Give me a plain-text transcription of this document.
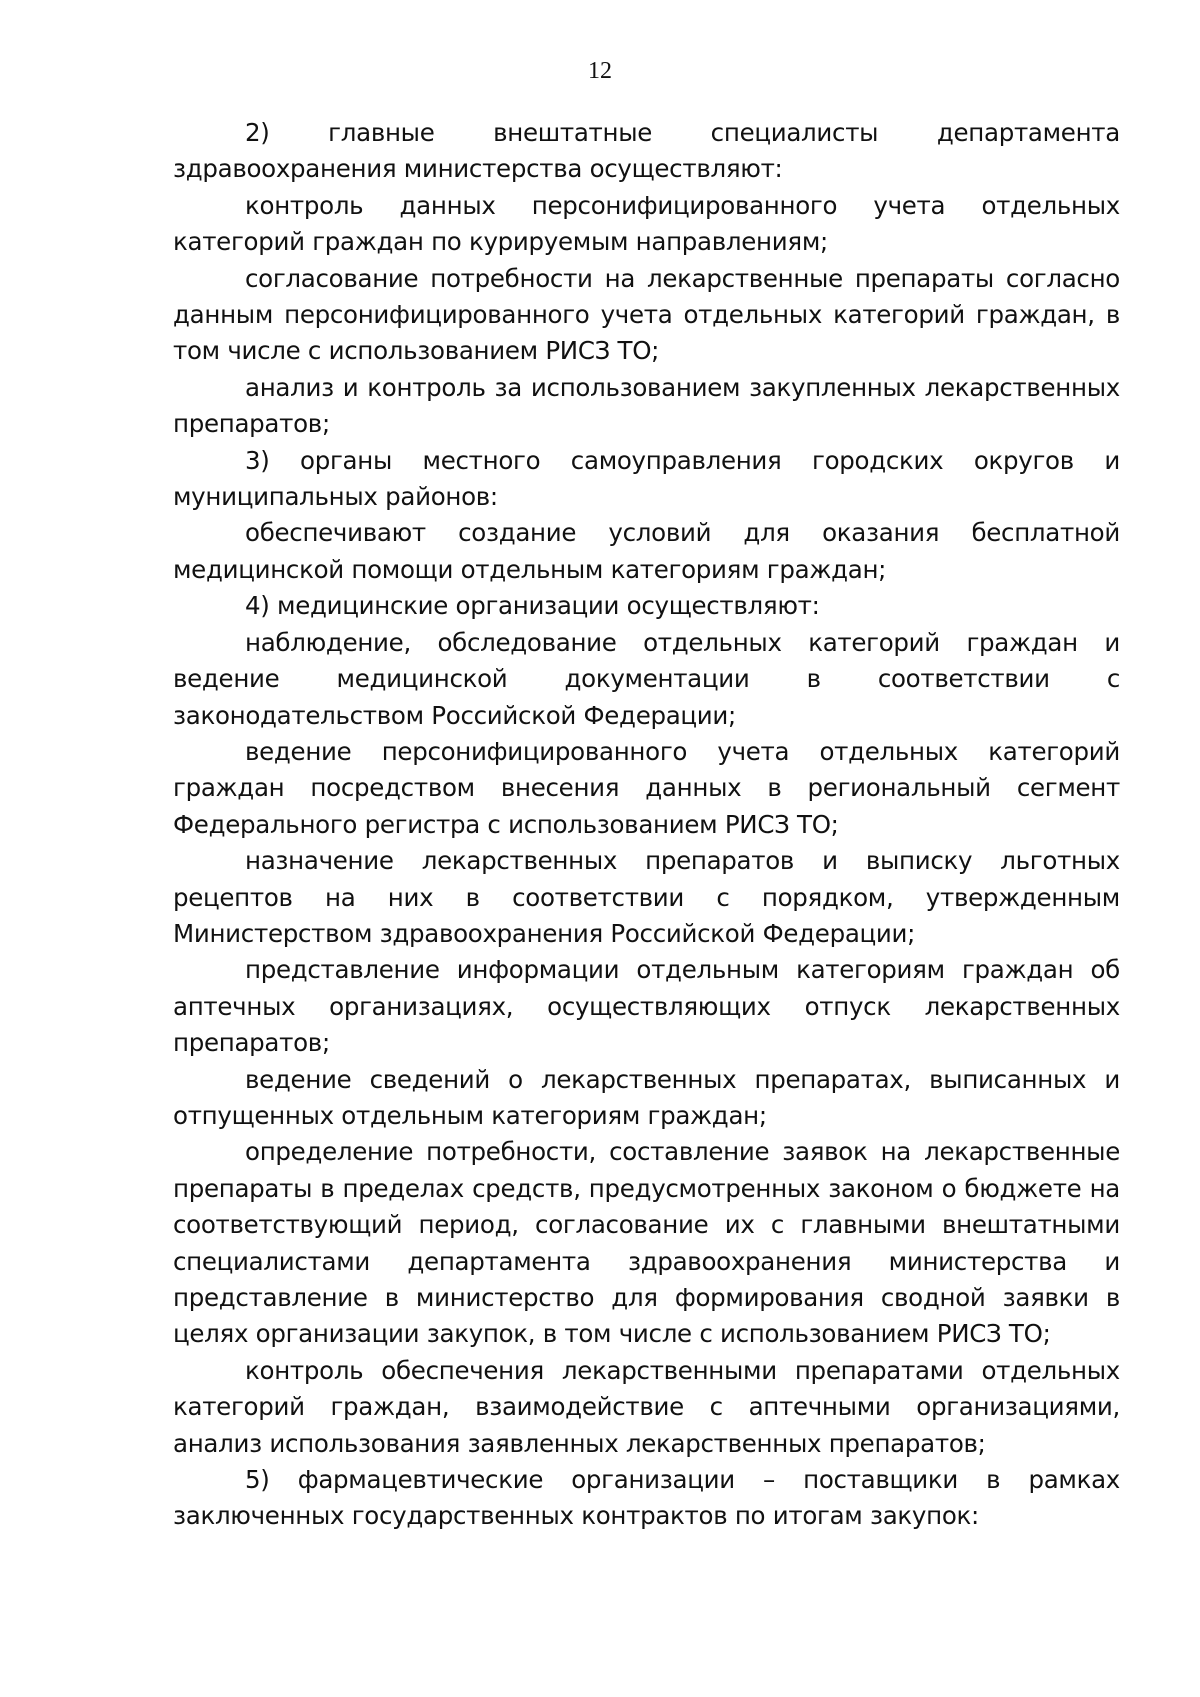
12

2) главные внештатные специалисты департамента здравоохранения министерства осуществляют:

контроль данных персонифицированного учета отдельных категорий граждан по курируемым направлениям;

согласование потребности на лекарственные препараты согласно данным персонифицированного учета отдельных категорий граждан, в том числе с использованием РИСЗ ТО;

анализ и контроль за использованием закупленных лекарственных препаратов;

3) органы местного самоуправления городских округов и муниципальных районов:

обеспечивают создание условий для оказания бесплатной медицинской помощи отдельным категориям граждан;

4) медицинские организации осуществляют:

наблюдение, обследование отдельных категорий граждан и ведение медицинской документации в соответствии с законодательством Российской Федерации;

ведение персонифицированного учета отдельных категорий граждан посредством внесения данных в региональный сегмент Федерального регистра с использованием РИСЗ ТО;

назначение лекарственных препаратов и выписку льготных рецептов на них в соответствии с порядком, утвержденным Министерством здравоохранения Российской Федерации;

представление информации отдельным категориям граждан об аптечных организациях, осуществляющих отпуск лекарственных препаратов;

ведение сведений о лекарственных препаратах, выписанных и отпущенных отдельным категориям граждан;

определение потребности, составление заявок на лекарственные препараты в пределах средств, предусмотренных законом о бюджете на соответствующий период, согласование их с главными внештатными специалистами департамента здравоохранения министерства и представление в министерство для формирования сводной заявки в целях организации закупок, в том числе с использованием РИСЗ ТО;

контроль обеспечения лекарственными препаратами отдельных категорий граждан, взаимодействие с аптечными организациями, анализ использования заявленных лекарственных препаратов;

5) фармацевтические организации – поставщики в рамках заключенных государственных контрактов по итогам закупок:
